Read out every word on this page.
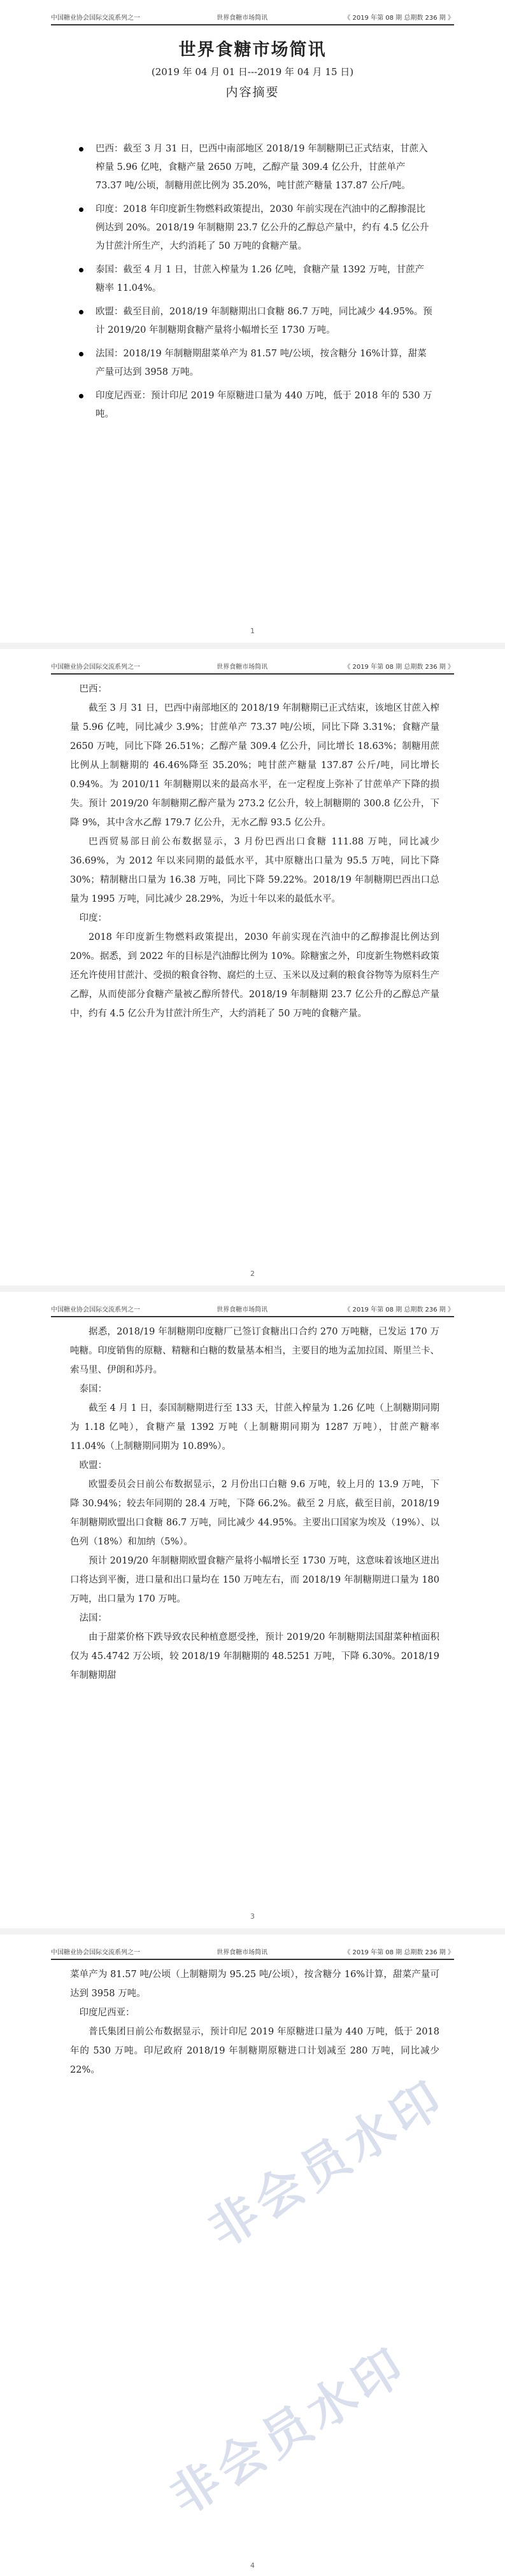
中国糖业协会国际交流系列之一	世界食糖市场简讯	《 2019 年第 08 期 总期数 236 期 》
世界食糖市场简讯
(2019 年 04 月 01 日---2019 年 04 月 15 日)
内容摘要
巴西：截至 3 月 31 日，巴西中南部地区 2018/19 年制糖期已正式结束，甘蔗入榨量 5.96 亿吨，食糖产量 2650 万吨，乙醇产量 309.4 亿公升，甘蔗单产 73.37 吨/公顷，制糖用蔗比例为 35.20%，吨甘蔗产糖量 137.87 公斤/吨。
印度：2018 年印度新生物燃料政策提出，2030 年前实现在汽油中的乙醇掺混比例达到 20%。2018/19 年制糖期 23.7 亿公升的乙醇总产量中，约有 4.5 亿公升为甘蔗汁所生产，大约消耗了 50 万吨的食糖产量。
泰国：截至 4 月 1 日，甘蔗入榨量为 1.26 亿吨，食糖产量 1392 万吨，甘蔗产糖率 11.04%。
欧盟：截至目前，2018/19 年制糖期出口食糖 86.7 万吨，同比减少 44.95%。预计 2019/20 年制糖期食糖产量将小幅增长至 1730 万吨。
法国：2018/19 年制糖期甜菜单产为 81.57 吨/公顷，按含糖分 16%计算，甜菜产量可达到 3958 万吨。
印度尼西亚：预计印尼 2019 年原糖进口量为 440 万吨，低于 2018 年的 530 万吨。
1
中国糖业协会国际交流系列之一	世界食糖市场简讯	《 2019 年第 08 期 总期数 236 期 》

巴西：

截至 3 月 31 日，巴西中南部地区的 2018/19 年制糖期已正式结束，该地区甘蔗入榨量 5.96 亿吨，同比减少 3.9%；甘蔗单产 73.37 吨/公顷，同比下降 3.31%；食糖产量 2650 万吨，同比下降 26.51%；乙醇产量 309.4 亿公升，同比增长 18.63%；制糖用蔗比例从上制糖期的 46.46%降至 35.20%；吨甘蔗产糖量 137.87 公斤/吨，同比增长 0.94%。为 2010/11 年制糖期以来的最高水平，在一定程度上弥补了甘蔗单产下降的损失。预计 2019/20 年制糖期乙醇产量为 273.2 亿公升，较上制糖期的 300.8 亿公升，下降 9%，其中含水乙醇 179.7 亿公升，无水乙醇 93.5 亿公升。

巴西贸易部日前公布数据显示，3 月份巴西出口食糖 111.88 万吨，同比减少 36.69%，为 2012 年以来同期的最低水平，其中原糖出口量为 95.5 万吨，同比下降 30%；精制糖出口量为 16.38 万吨，同比下降 59.22%。2018/19 年制糖期巴西出口总量为 1995 万吨，同比减少 28.29%，为近十年以来的最低水平。

印度：

2018 年印度新生物燃料政策提出，2030 年前实现在汽油中的乙醇掺混比例达到 20%。据悉，到 2022 年的目标是汽油醇比例为 10%。除糖蜜之外，印度新生物燃料政策还允许使用甘蔗汁、受损的粮食谷物、腐烂的土豆、玉米以及过剩的粮食谷物等为原料生产乙醇，从而使部分食糖产量被乙醇所替代。2018/19 年制糖期 23.7 亿公升的乙醇总产量中，约有 4.5 亿公升为甘蔗汁所生产，大约消耗了 50 万吨的食糖产量。

2
中国糖业协会国际交流系列之一	世界食糖市场简讯	《 2019 年第 08 期 总期数 236 期 》

据悉，2018/19 年制糖期印度糖厂已签订食糖出口合约 270 万吨糖，已发运 170 万吨糖。印度销售的原糖、精糖和白糖的数量基本相当，主要目的地为孟加拉国、斯里兰卡、索马里、伊朗和苏丹。

泰国：

截至 4 月 1 日，泰国制糖期进行至 133 天，甘蔗入榨量为 1.26 亿吨（上制糖期同期为 1.18 亿吨），食糖产量 1392 万吨（上制糖期同期为 1287 万吨），甘蔗产糖率 11.04%（上制糖期同期为 10.89%）。

欧盟：

欧盟委员会日前公布数据显示，2 月份出口白糖 9.6 万吨，较上月的 13.9 万吨，下降 30.94%；较去年同期的 28.4 万吨，下降 66.2%。截至 2 月底，截至目前，2018/19 年制糖期欧盟出口食糖 86.7 万吨，同比减少 44.95%。主要出口国家为埃及（19%）、以色列（18%）和加纳（5%）。

预计 2019/20 年制糖期欧盟食糖产量将小幅增长至 1730 万吨，这意味着该地区进出口将达到平衡，进口量和出口量均在 150 万吨左右，而 2018/19 年制糖期进口量为 180 万吨，出口量为 170 万吨。

法国：

由于甜菜价格下跌导致农民种植意愿受挫，预计 2019/20 年制糖期法国甜菜种植面积仅为 45.4742 万公顷，较 2018/19 年制糖期的 48.5251 万吨，下降 6.30%。2018/19 年制糖期甜

3
中国糖业协会国际交流系列之一	世界食糖市场简讯	《 2019 年第 08 期 总期数 236 期 》

菜单产为 81.57 吨/公顷（上制糖期为 95.25 吨/公顷），按含糖分 16%计算，甜菜产量可达到 3958 万吨。

印度尼西亚：

普氏集团日前公布数据显示，预计印尼 2019 年原糖进口量为 440 万吨，低于 2018 年的 530 万吨。印尼政府 2018/19 年制糖期原糖进口计划减至 280 万吨，同比减少 22%。	非会员水印
非会员水印
4
